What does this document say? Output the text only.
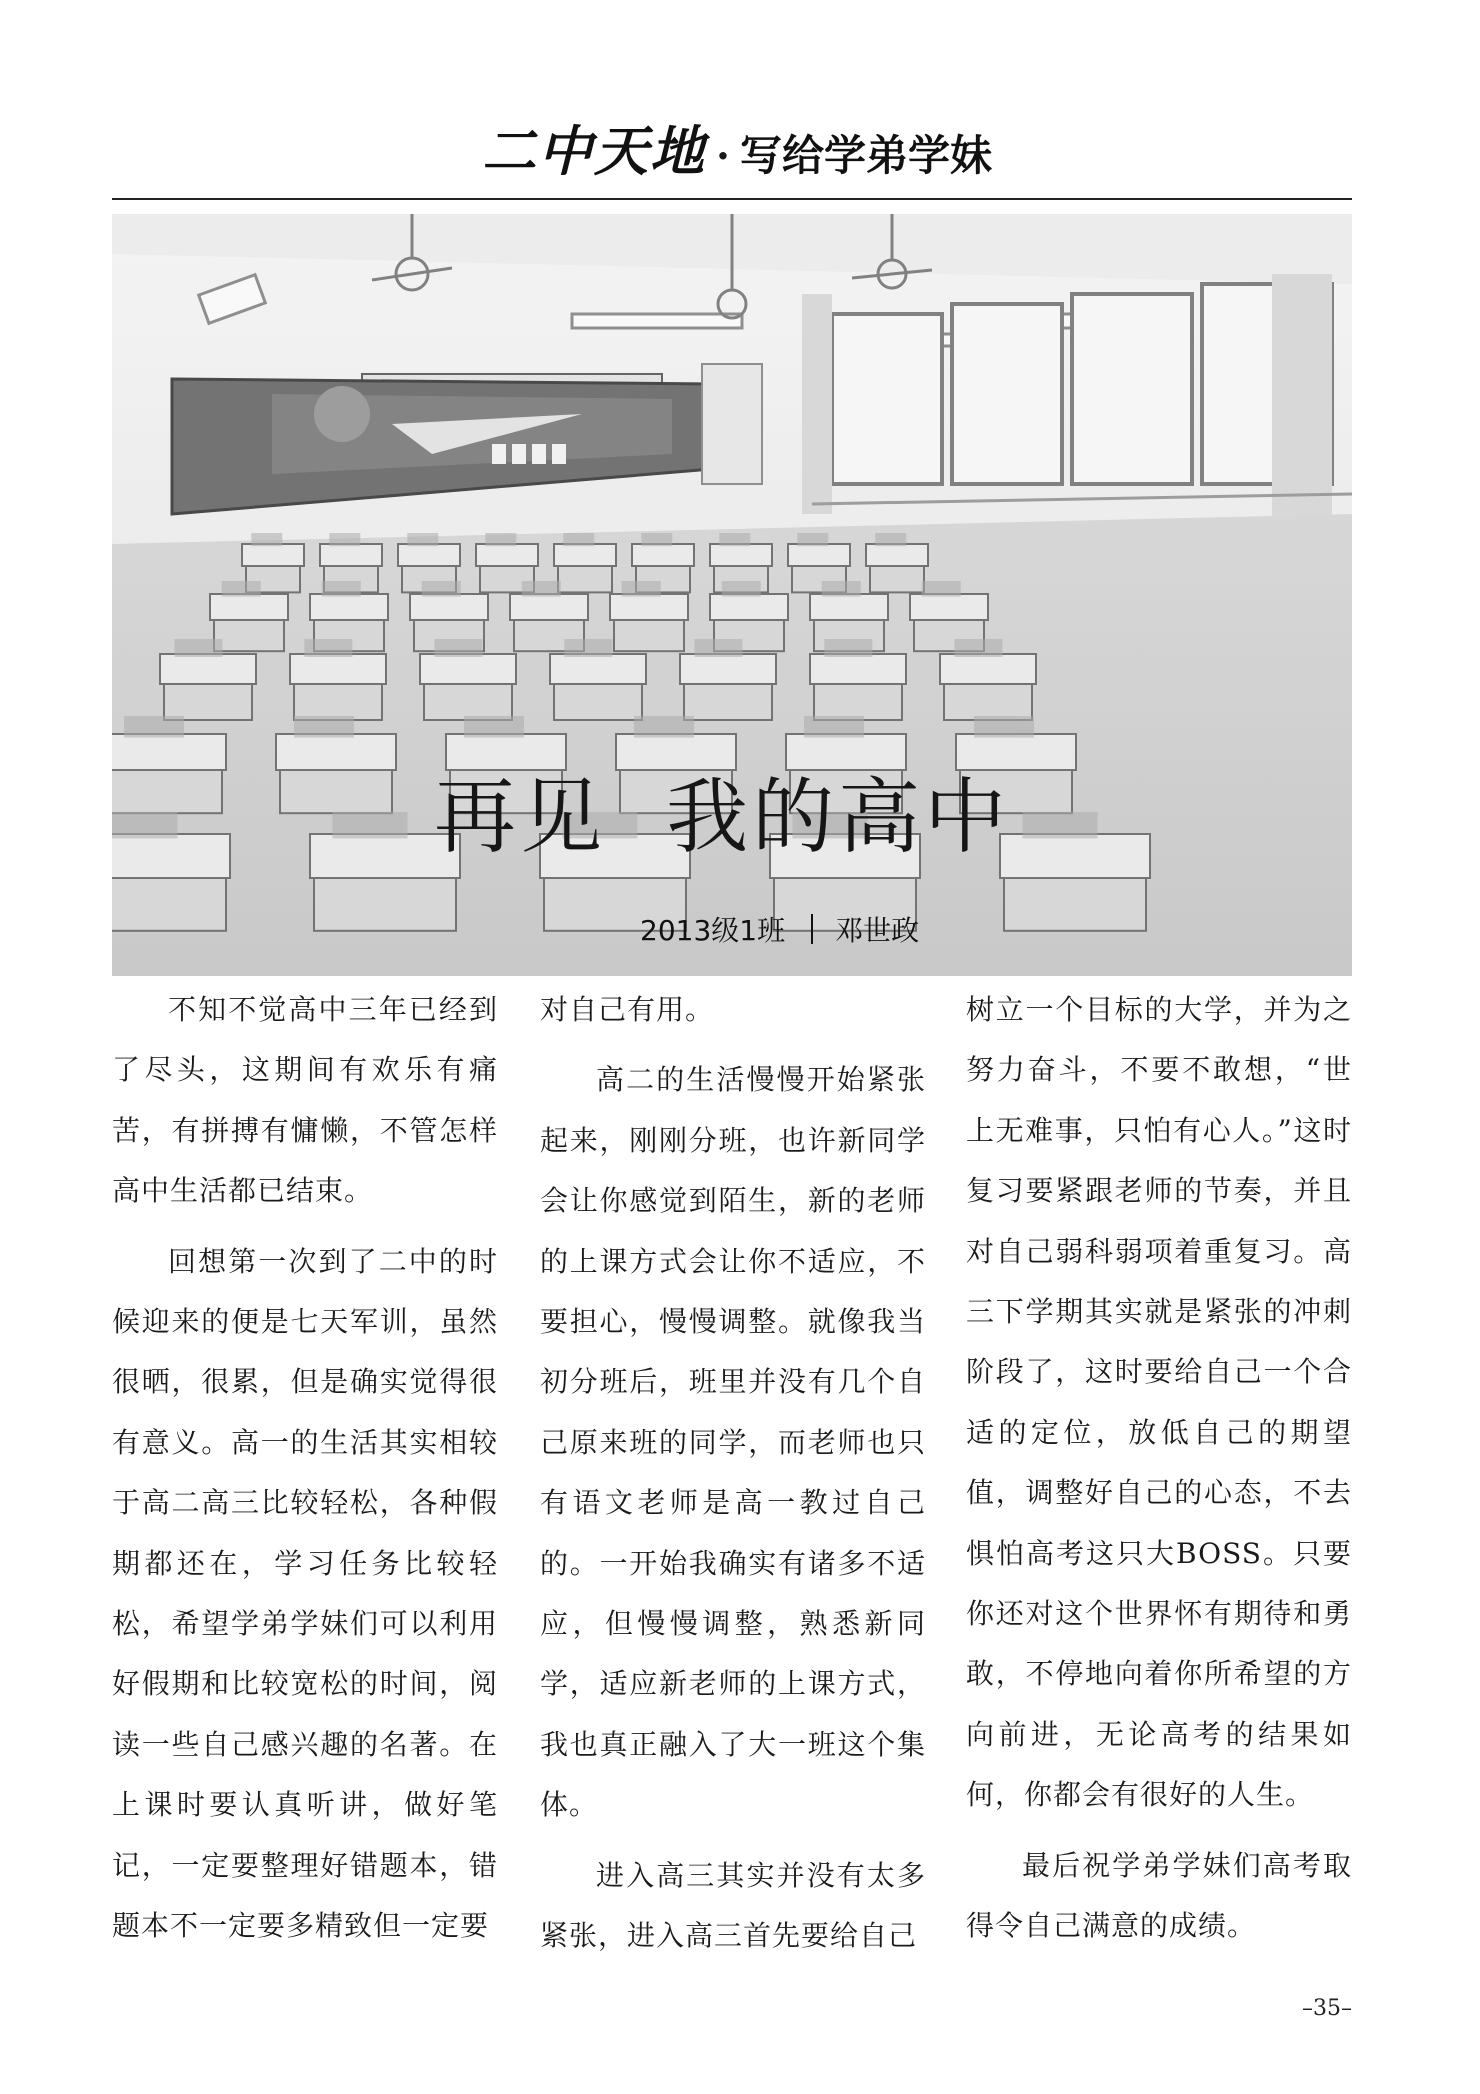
二中天地 · 写给学弟学妹
再见  我的高中
2013级1班 邓世政

不知不觉高中三年已经到了尽头，这期间有欢乐有痛苦，有拼搏有慵懒，不管怎样高中生活都已结束。

回想第一次到了二中的时候迎来的便是七天军训，虽然很晒，很累，但是确实觉得很有意义。高一的生活其实相较于高二高三比较轻松，各种假期都还在，学习任务比较轻松，希望学弟学妹们可以利用好假期和比较宽松的时间，阅读一些自己感兴趣的名著。在上课时要认真听讲，做好笔记，一定要整理好错题本，错题本不一定要多精致但一定要

对自己有用。

高二的生活慢慢开始紧张起来，刚刚分班，也许新同学会让你感觉到陌生，新的老师的上课方式会让你不适应，不要担心，慢慢调整。就像我当初分班后，班里并没有几个自己原来班的同学，而老师也只有语文老师是高一教过自己的。一开始我确实有诸多不适应，但慢慢调整，熟悉新同学，适应新老师的上课方式，我也真正融入了大一班这个集体。

进入高三其实并没有太多紧张，进入高三首先要给自己

树立一个目标的大学，并为之努力奋斗，不要不敢想，“世上无难事，只怕有心人。”这时复习要紧跟老师的节奏，并且对自己弱科弱项着重复习。高三下学期其实就是紧张的冲刺阶段了，这时要给自己一个合适的定位，放低自己的期望值，调整好自己的心态，不去惧怕高考这只大BOSS。只要你还对这个世界怀有期待和勇敢，不停地向着你所希望的方向前进，无论高考的结果如何，你都会有很好的人生。

最后祝学弟学妹们高考取得令自己满意的成绩。

–35–
